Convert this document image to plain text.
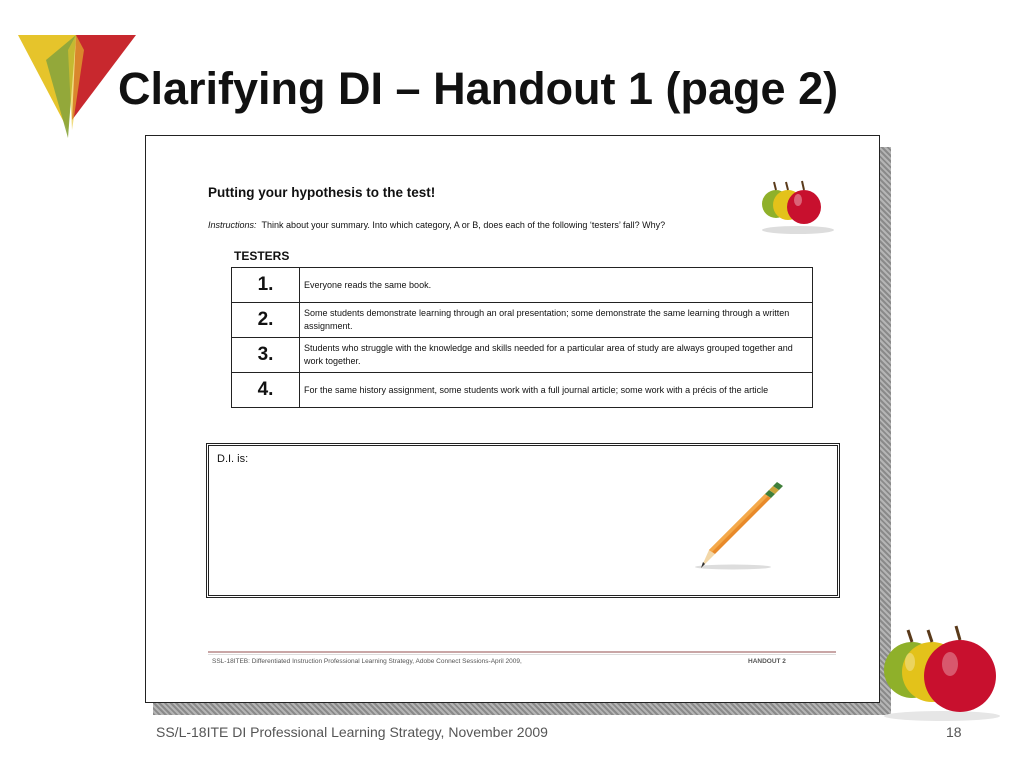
Clarifying DI – Handout 1 (page 2)

Putting your hypothesis to the test!

Instructions: Think about your summary. Into which category, A or B, does each of the following ‘testers’ fall? Why?

TESTERS

1.	Everyone reads the same book.
2.	Some students demonstrate learning through an oral presentation; some demonstrate the same learning through a written assignment.
3.	Students who struggle with the knowledge and skills needed for a particular area of study are always grouped together and work together.
4.	For the same history assignment, some students work with a full journal article; some work with a précis of the article
D.I. is:
SSL-18ITEB: Differentiated Instruction Professional Learning Strategy, Adobe Connect Sessions-April 2009,	HANDOUT 2
SS/L-18ITE DI Professional Learning Strategy, November 2009	18
